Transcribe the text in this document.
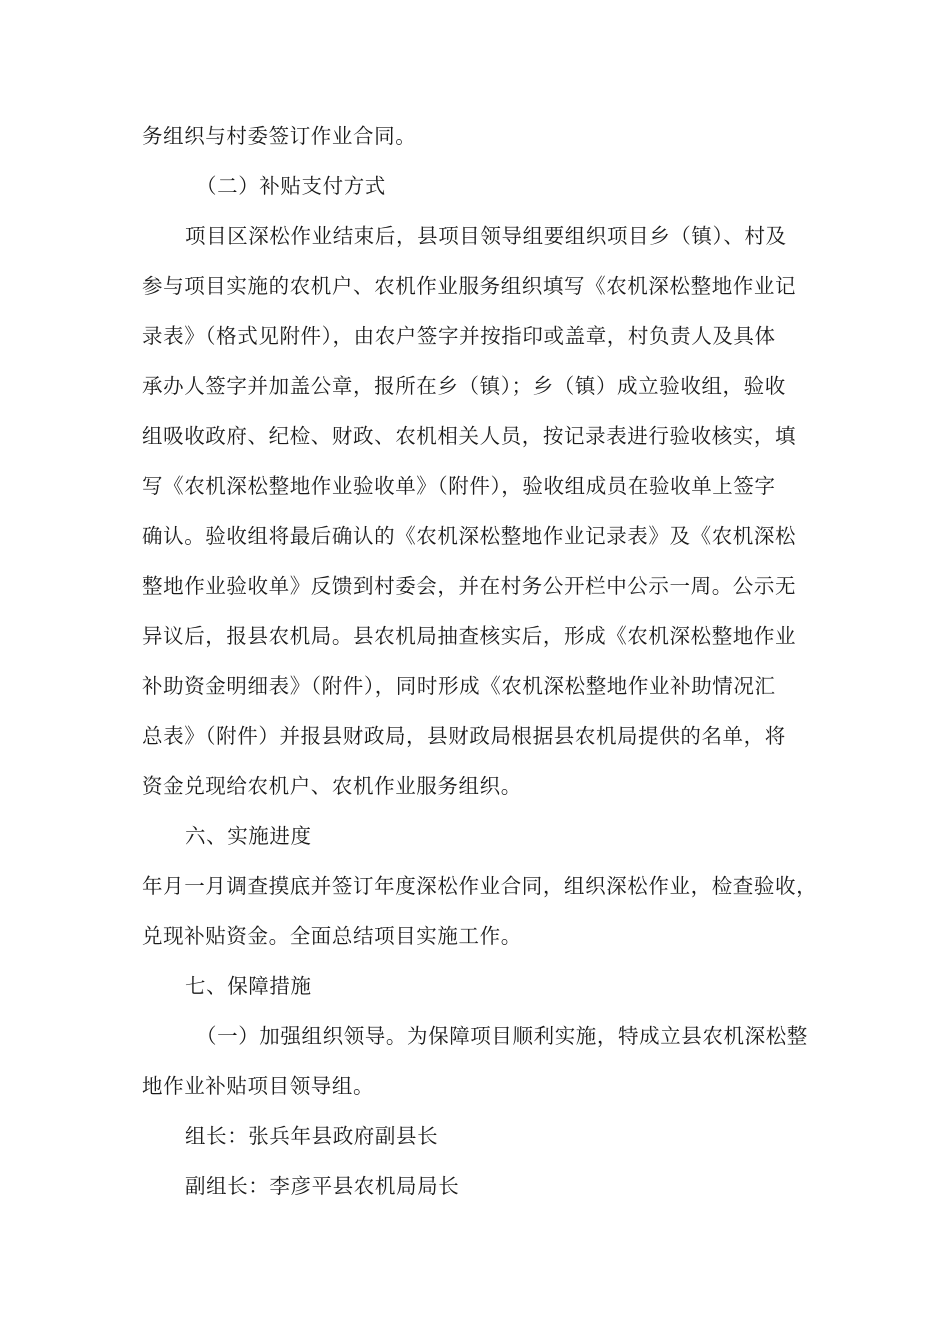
务组织与村委签订作业合同。
（二）补贴支付方式
项目区深松作业结束后，县项目领导组要组织项目乡（镇）、村及
参与项目实施的农机户、农机作业服务组织填写《农机深松整地作业记
录表》（格式见附件），由农户签字并按指印或盖章，村负责人及具体
承办人签字并加盖公章，报所在乡（镇）；乡（镇）成立验收组，验收
组吸收政府、纪检、财政、农机相关人员，按记录表进行验收核实，填
写《农机深松整地作业验收单》（附件），验收组成员在验收单上签字
确认。验收组将最后确认的《农机深松整地作业记录表》及《农机深松
整地作业验收单》反馈到村委会，并在村务公开栏中公示一周。公示无
异议后，报县农机局。县农机局抽查核实后，形成《农机深松整地作业
补助资金明细表》（附件），同时形成《农机深松整地作业补助情况汇
总表》（附件）并报县财政局，县财政局根据县农机局提供的名单，将
资金兑现给农机户、农机作业服务组织。
六、实施进度
年月一月调查摸底并签订年度深松作业合同，组织深松作业，检查验收，
兑现补贴资金。全面总结项目实施工作。
七、保障措施
（一）加强组织领导。为保障项目顺利实施，特成立县农机深松整
地作业补贴项目领导组。
组长：张兵年县政府副县长
副组长：李彦平县农机局局长
